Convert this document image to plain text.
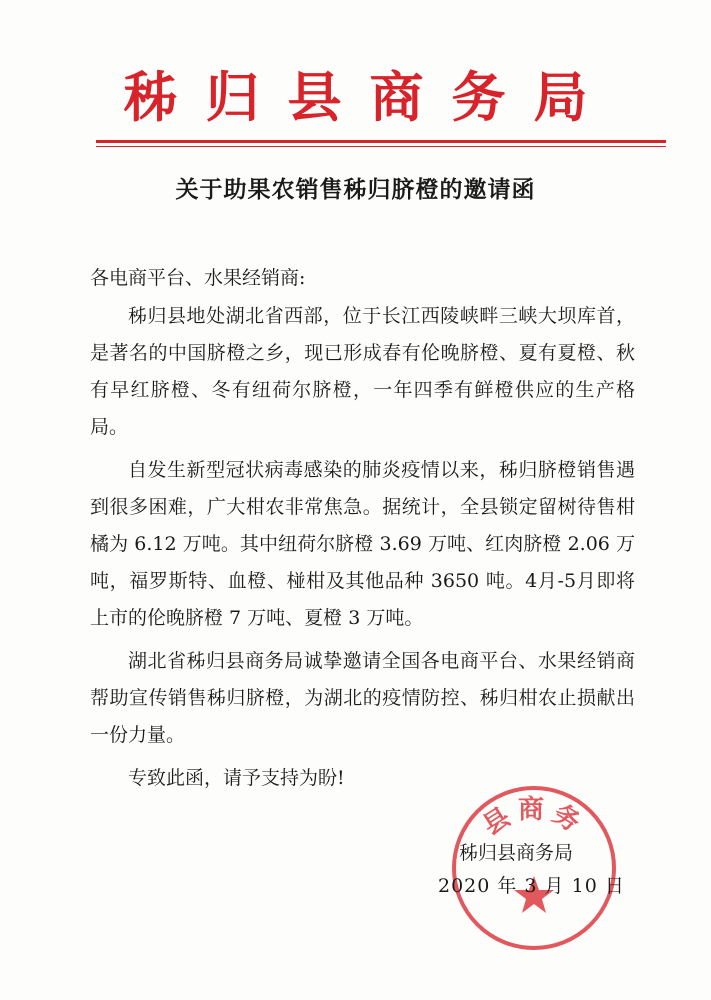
秭归县商务局
关于助果农销售秭归脐橙的邀请函
各电商平台、水果经销商:

秭归县地处湖北省西部，位于长江西陵峡畔三峡大坝库首，是著名的中国脐橙之乡，现已形成春有伦晚脐橙、夏有夏橙、秋有早红脐橙、冬有纽荷尔脐橙，一年四季有鲜橙供应的生产格局。

自发生新型冠状病毒感染的肺炎疫情以来，秭归脐橙销售遇到很多困难，广大柑农非常焦急。据统计，全县锁定留树待售柑橘为 6.12 万吨。其中纽荷尔脐橙 3.69 万吨、红肉脐橙 2.06 万吨，福罗斯特、血橙、椪柑及其他品种 3650 吨。4月-5月即将上市的伦晚脐橙 7 万吨、夏橙 3 万吨。

湖北省秭归县商务局诚挚邀请全国各电商平台、水果经销商帮助宣传销售秭归脐橙，为湖北的疫情防控、秭归柑农止损献出一份力量。

专致此函，请予支持为盼!

县商务
秭归县商务局
2020 年 3 月 10 日
